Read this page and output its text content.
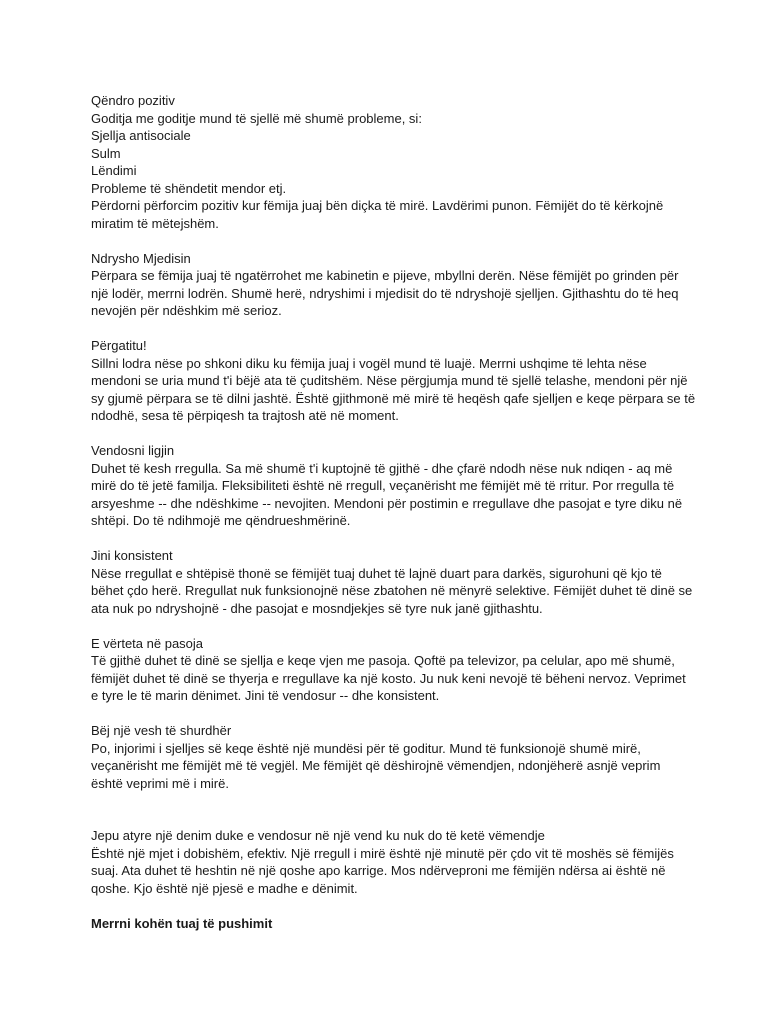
Qëndro pozitiv
Goditja me goditje mund të sjellë më shumë probleme, si:
Sjellja antisociale
Sulm
Lëndimi
Probleme të shëndetit mendor etj.
Përdorni përforcim pozitiv kur fëmija juaj bën diçka të mirë. Lavdërimi punon. Fëmijët do të kërkojnë
miratim të mëtejshëm.
Ndrysho Mjedisin
Përpara se fëmija juaj të ngatërrohet me kabinetin e pijeve, mbyllni derën. Nëse fëmijët po grinden për
një lodër, merrni lodrën. Shumë herë, ndryshimi i mjedisit do të ndryshojë sjelljen. Gjithashtu do të heq
nevojën për ndëshkim më serioz.
Përgatitu!
Sillni lodra nëse po shkoni diku ku fëmija juaj i vogël mund të luajë. Merrni ushqime të lehta nëse
mendoni se uria mund t'i bëjë ata të çuditshëm. Nëse përgjumja mund të sjellë telashe, mendoni për një
sy gjumë përpara se të dilni jashtë. Është gjithmonë më mirë të heqësh qafe sjelljen e keqe përpara se të
ndodhë, sesa të përpiqesh ta trajtosh atë në moment.
Vendosni ligjin
Duhet të kesh rregulla. Sa më shumë t'i kuptojnë të gjithë - dhe çfarë ndodh nëse nuk ndiqen - aq më
mirë do të jetë familja. Fleksibiliteti është në rregull, veçanërisht me fëmijët më të rritur. Por rregulla të
arsyeshme -- dhe ndëshkime -- nevojiten. Mendoni për postimin e rregullave dhe pasojat e tyre diku në
shtëpi. Do të ndihmojë me qëndrueshmërinë.
Jini konsistent
Nëse rregullat e shtëpisë thonë se fëmijët tuaj duhet të lajnë duart para darkës, sigurohuni që kjo të
bëhet çdo herë. Rregullat nuk funksionojnë nëse zbatohen në mënyrë selektive. Fëmijët duhet të dinë se
ata nuk po ndryshojnë - dhe pasojat e mosndjekjes së tyre nuk janë gjithashtu.
E vërteta në pasoja
Të gjithë duhet të dinë se sjellja e keqe vjen me pasoja. Qoftë pa televizor, pa celular, apo më shumë,
fëmijët duhet të dinë se thyerja e rregullave ka një kosto. Ju nuk keni nevojë të bëheni nervoz. Veprimet
e tyre le të marin dënimet. Jini të vendosur -- dhe konsistent.
Bëj një vesh të shurdhër
Po, injorimi i sjelljes së keqe është një mundësi për të goditur. Mund të funksionojë shumë mirë,
veçanërisht me fëmijët më të vegjël. Me fëmijët që dëshirojnë vëmendjen, ndonjëherë asnjë veprim
është veprimi më i mirë.
Jepu atyre një denim duke e vendosur në një vend ku nuk do të ketë vëmendje
Është një mjet i dobishëm, efektiv. Një rregull i mirë është një minutë për çdo vit të moshës së fëmijës
suaj. Ata duhet të heshtin në një qoshe apo karrige. Mos ndërveproni me fëmijën ndërsa ai është në
qoshe. Kjo është një pjesë e madhe e dënimit.
Merrni kohën tuaj të pushimit
